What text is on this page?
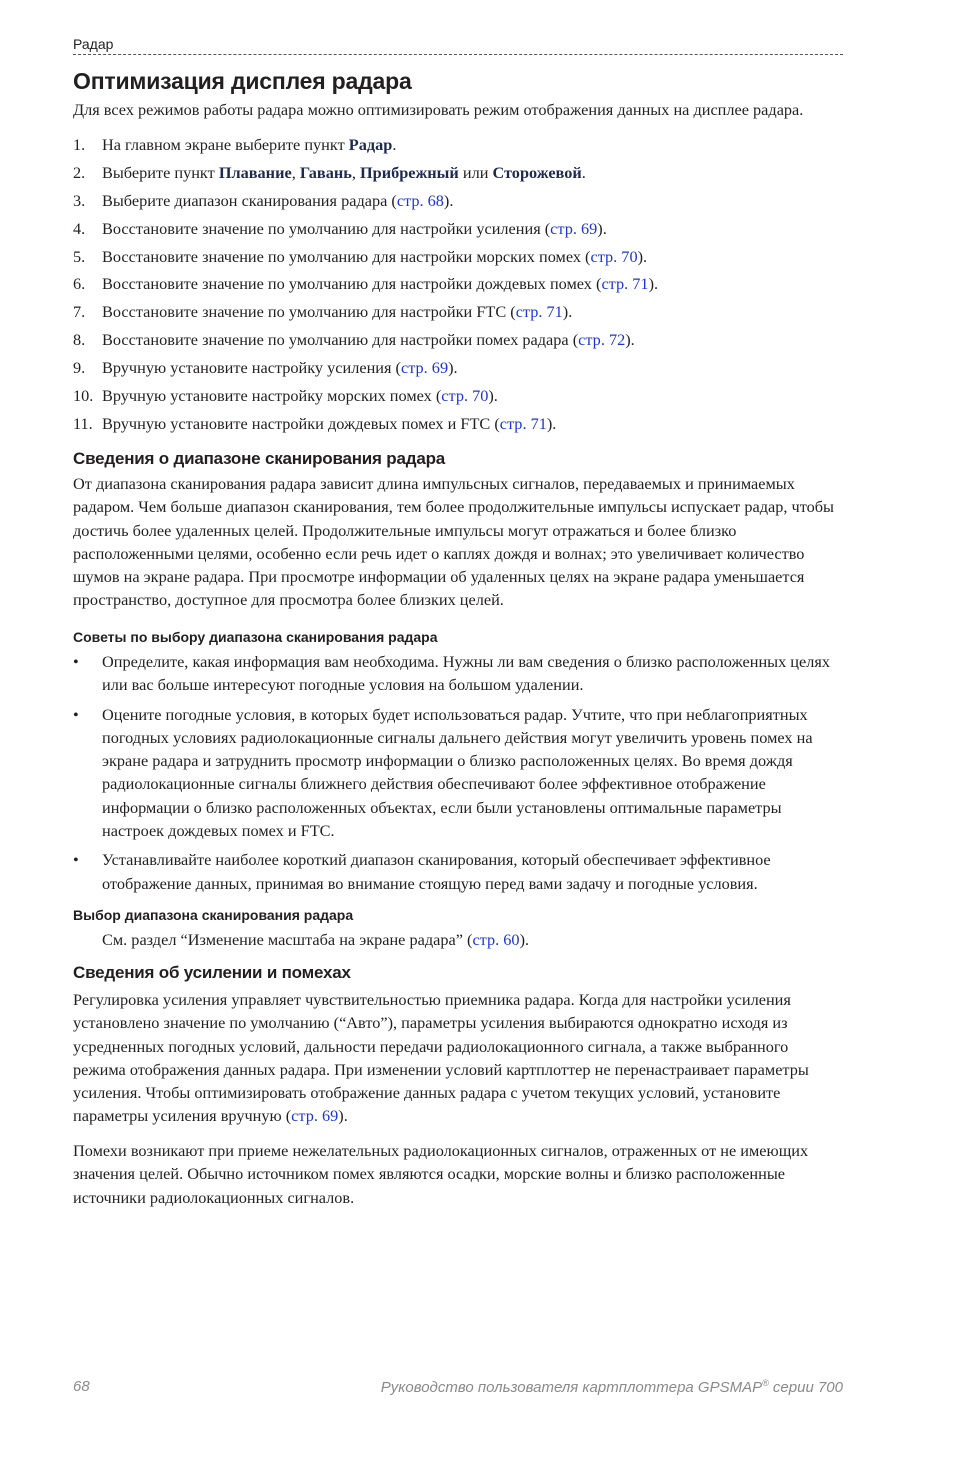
Радар
Оптимизация дисплея радара

Для всех режимов работы радара можно оптимизировать режим отображения данных на дисплее радара.

1. На главном экране выберите пункт Радар.
2. Выберите пункт Плавание, Гавань, Прибрежный или Сторожевой.
3. Выберите диапазон сканирования радара (стр. 68).
4. Восстановите значение по умолчанию для настройки усиления (стр. 69).
5. Восстановите значение по умолчанию для настройки морских помех (стр. 70).
6. Восстановите значение по умолчанию для настройки дождевых помех (стр. 71).
7. Восстановите значение по умолчанию для настройки FTC (стр. 71).
8. Восстановите значение по умолчанию для настройки помех радара (стр. 72).
9. Вручную установите настройку усиления (стр. 69).
10. Вручную установите настройку морских помех (стр. 70).
11. Вручную установите настройки дождевых помех и FTC (стр. 71).
Сведения о диапазоне сканирования радара

От диапазона сканирования радара зависит длина импульсных сигналов, передаваемых и принимаемых радаром. Чем больше диапазон сканирования, тем более продолжительные импульсы испускает радар, чтобы достичь более удаленных целей. Продолжительные импульсы могут отражаться и более близко расположенными целями, особенно если речь идет о каплях дождя и волнах; это увеличивает количество шумов на экране радара. При просмотре информации об удаленных целях на экране радара уменьшается пространство, доступное для просмотра более близких целей.

Советы по выбору диапазона сканирования радара
• Определите, какая информация вам необходима. Нужны ли вам сведения о близко расположенных целях или вас больше интересуют погодные условия на большом удалении.
• Оцените погодные условия, в которых будет использоваться радар. Учтите, что при неблагоприятных погодных условиях радиолокационные сигналы дальнего действия могут увеличить уровень помех на экране радара и затруднить просмотр информации о близко расположенных целях. Во время дождя радиолокационные сигналы ближнего действия обеспечивают более эффективное отображение информации о близко расположенных объектах, если были установлены оптимальные параметры настроек дождевых помех и FTC.
• Устанавливайте наиболее короткий диапазон сканирования, который обеспечивает эффективное отображение данных, принимая во внимание стоящую перед вами задачу и погодные условия.
Выбор диапазона сканирования радара

См. раздел “Изменение масштаба на экране радара” (стр. 60).

Сведения об усилении и помехах

Регулировка усиления управляет чувствительностью приемника радара. Когда для настройки усиления установлено значение по умолчанию (“Авто”), параметры усиления выбираются однократно исходя из усредненных погодных условий, дальности передачи радиолокационного сигнала, а также выбранного режима отображения данных радара. При изменении условий картплоттер не перенастраивает параметры усиления. Чтобы оптимизировать отображение данных радара с учетом текущих условий, установите параметры усиления вручную (стр. 69).

Помехи возникают при приеме нежелательных радиолокационных сигналов, отраженных от не имеющих значения целей. Обычно источником помех являются осадки, морские волны и близко расположенные источники радиолокационных сигналов.

68	Руководство пользователя картплоттера GPSMAP® серии 700
